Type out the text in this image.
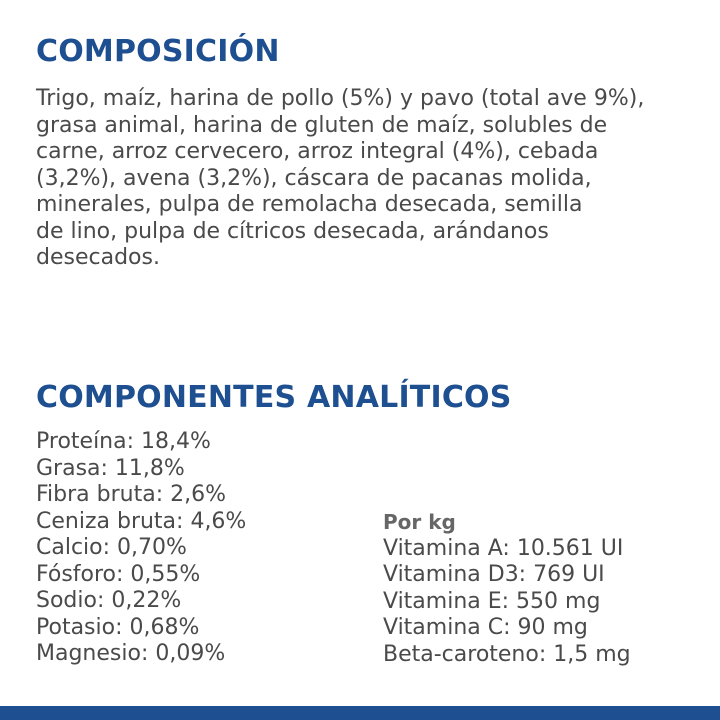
COMPOSICIÓN
Trigo, maíz, harina de pollo (5%) y pavo (total ave 9%),
grasa animal, harina de gluten de maíz, solubles de
carne, arroz cervecero, arroz integral (4%), cebada
(3,2%), avena (3,2%), cáscara de pacanas molida,
minerales, pulpa de remolacha desecada, semilla
de lino, pulpa de cítricos desecada, arándanos
desecados.
COMPONENTES ANALÍTICOS
Proteína: 18,4%
Grasa: 11,8%
Fibra bruta: 2,6%
Ceniza bruta: 4,6%
Calcio: 0,70%
Fósforo: 0,55%
Sodio: 0,22%
Potasio: 0,68%
Magnesio: 0,09%
Por kg
Vitamina A: 10.561 UI
Vitamina D3: 769 UI
Vitamina E: 550 mg
Vitamina C: 90 mg
Beta-caroteno: 1,5 mg
